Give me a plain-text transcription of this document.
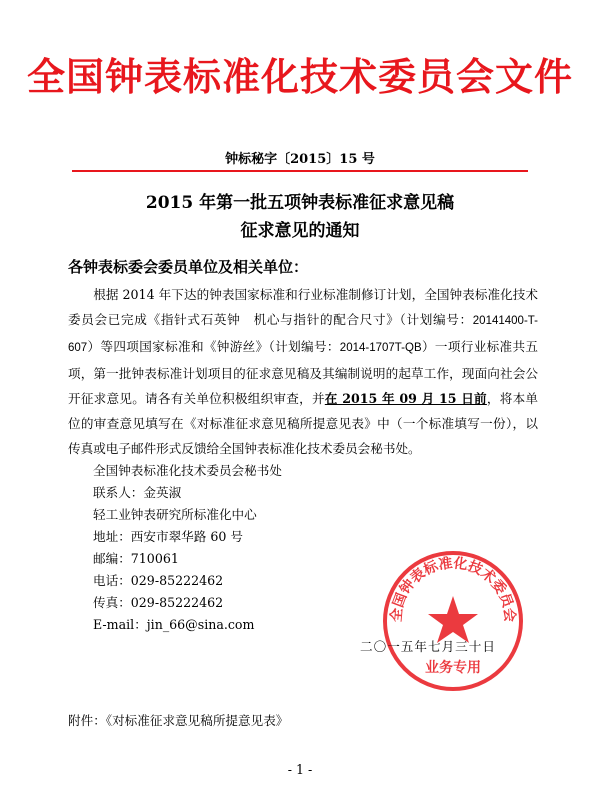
全国钟表标准化技术委员会文件
钟标秘字〔2015〕15 号
2015 年第一批五项钟表标准征求意见稿
征求意见的通知
各钟表标委会委员单位及相关单位：
根据 2014 年下达的钟表国家标准和行业标准制修订计划，全国钟表标准化技术委员会已完成《指针式石英钟　机心与指针的配合尺寸》（计划编号：20141400-T-607）等四项国家标准和《钟游丝》（计划编号：2014-1707T-QB）一项行业标准共五项，第一批钟表标准计划项目的征求意见稿及其编制说明的起草工作，现面向社会公开征求意见。请各有关单位积极组织审查，并在 2015 年 09 月 15 日前，将本单位的审查意见填写在《对标准征求意见稿所提意见表》中（一个标准填写一份），以传真或电子邮件形式反馈给全国钟表标准化技术委员会秘书处。
全国钟表标准化技术委员会秘书处
联系人：金英淑
轻工业钟表研究所标准化中心
地址：西安市翠华路 60 号
邮编：710061
电话：029-85222462
传真：029-85222462
E-mail：jin_66@sina.com
全国钟表标准化技术委员会
业务专用
二〇一五年七月三十日
附件：《对标准征求意见稿所提意见表》
- 1 -
